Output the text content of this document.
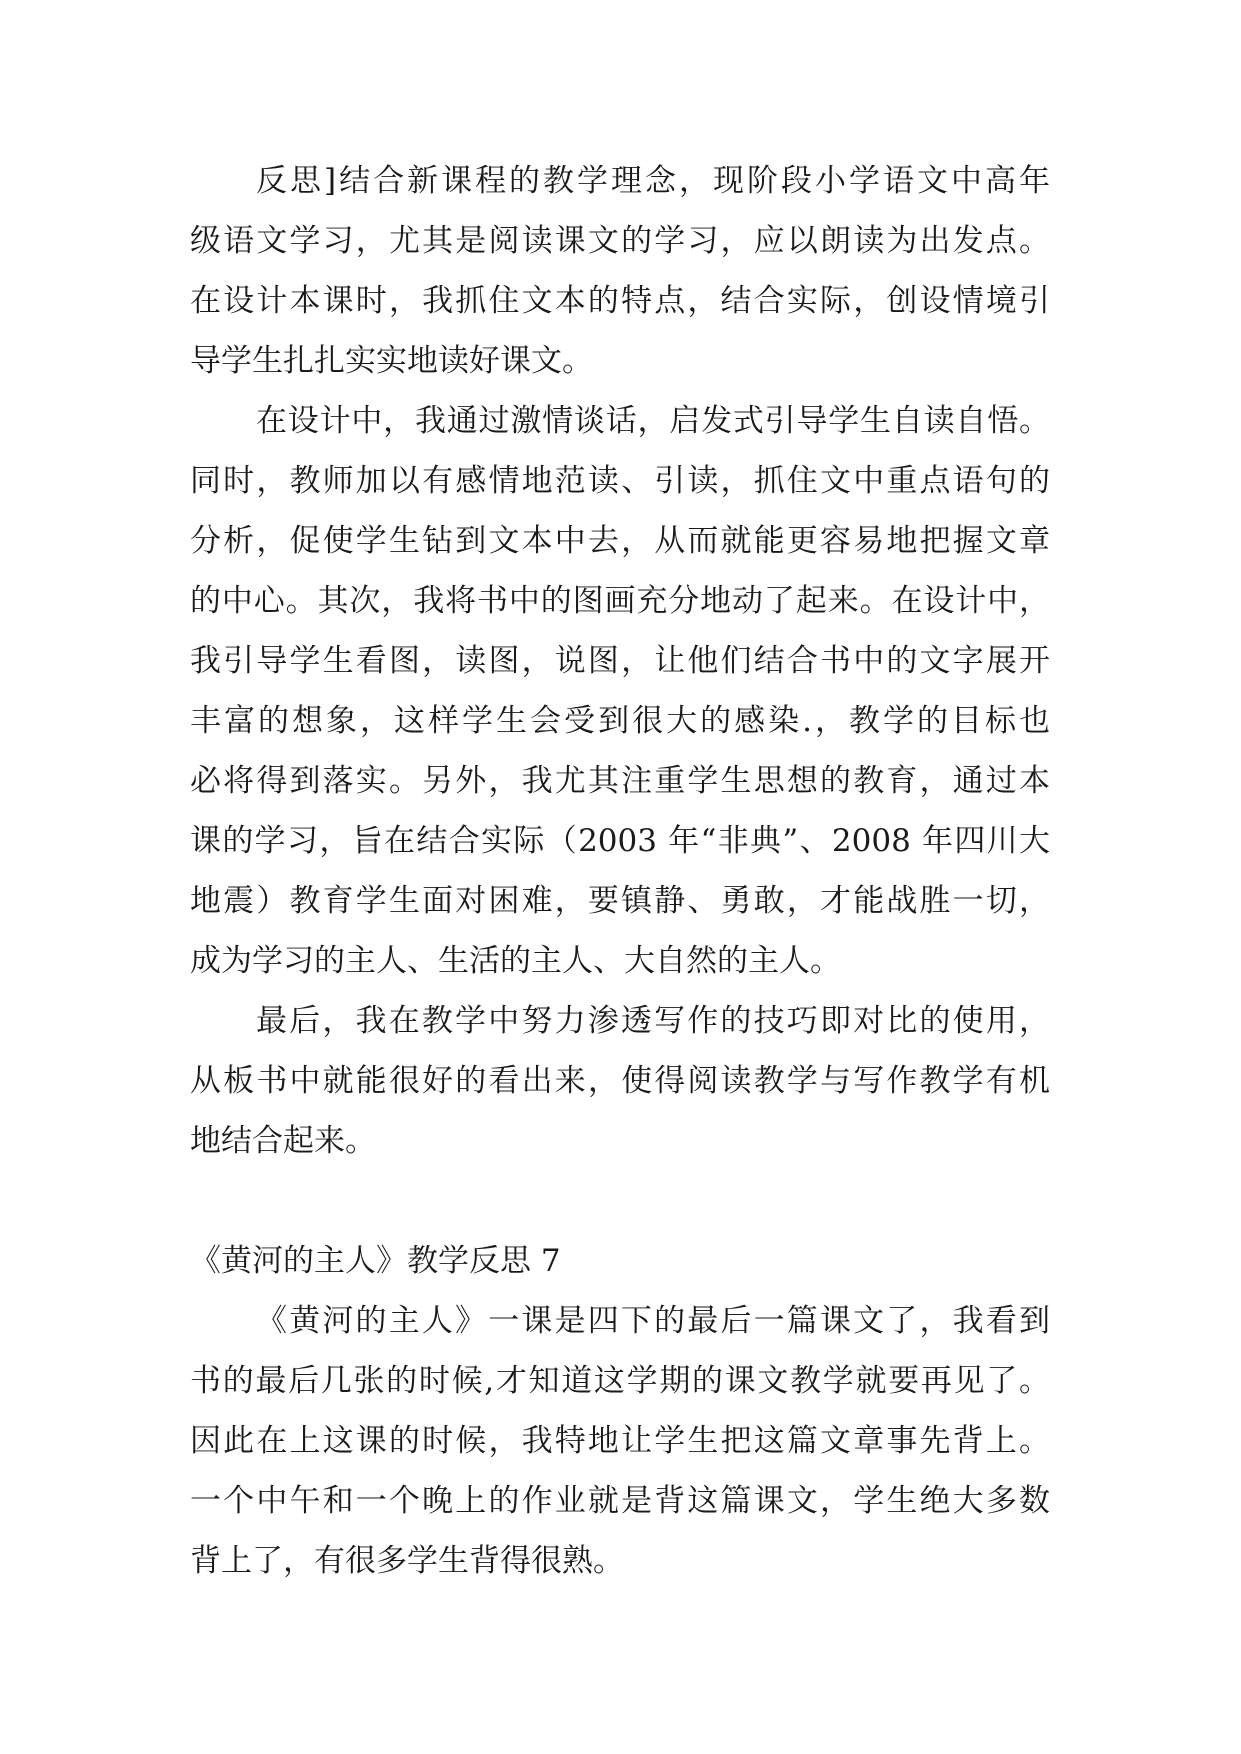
反思]结合新课程的教学理念，现阶段小学语文中高年
级语文学习，尤其是阅读课文的学习，应以朗读为出发点。
在设计本课时，我抓住文本的特点，结合实际，创设情境引
导学生扎扎实实地读好课文。
在设计中，我通过激情谈话，启发式引导学生自读自悟。
同时，教师加以有感情地范读、引读，抓住文中重点语句的
分析，促使学生钻到文本中去，从而就能更容易地把握文章
的中心。其次，我将书中的图画充分地动了起来。在设计中，
我引导学生看图，读图，说图，让他们结合书中的文字展开
丰富的想象，这样学生会受到很大的感染.，教学的目标也
必将得到落实。另外，我尤其注重学生思想的教育，通过本
课的学习，旨在结合实际（2003 年“非典”、2008 年四川大
地震）教育学生面对困难，要镇静、勇敢，才能战胜一切，
成为学习的主人、生活的主人、大自然的主人。
最后，我在教学中努力渗透写作的技巧即对比的使用，
从板书中就能很好的看出来，使得阅读教学与写作教学有机
地结合起来。
《黄河的主人》教学反思 7
《黄河的主人》一课是四下的最后一篇课文了，我看到
书的最后几张的时候,才知道这学期的课文教学就要再见了。
因此在上这课的时候，我特地让学生把这篇文章事先背上。
一个中午和一个晚上的作业就是背这篇课文，学生绝大多数
背上了，有很多学生背得很熟。
